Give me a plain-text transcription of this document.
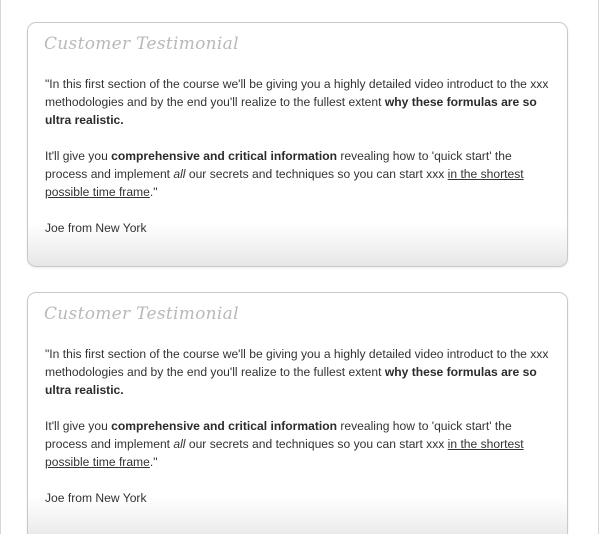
Customer Testimonial

"In this first section of the course we'll be giving you a highly detailed video introduct to the xxx methodologies and by the end you'll realize to the fullest extent why these formulas are so ultra realistic.

It'll give you comprehensive and critical information revealing how to 'quick start' the process and implement all our secrets and techniques so you can start xxx in the shortest possible time frame."

Joe from New York

Customer Testimonial

"In this first section of the course we'll be giving you a highly detailed video introduct to the xxx methodologies and by the end you'll realize to the fullest extent why these formulas are so ultra realistic.

It'll give you comprehensive and critical information revealing how to 'quick start' the process and implement all our secrets and techniques so you can start xxx in the shortest possible time frame."

Joe from New York
